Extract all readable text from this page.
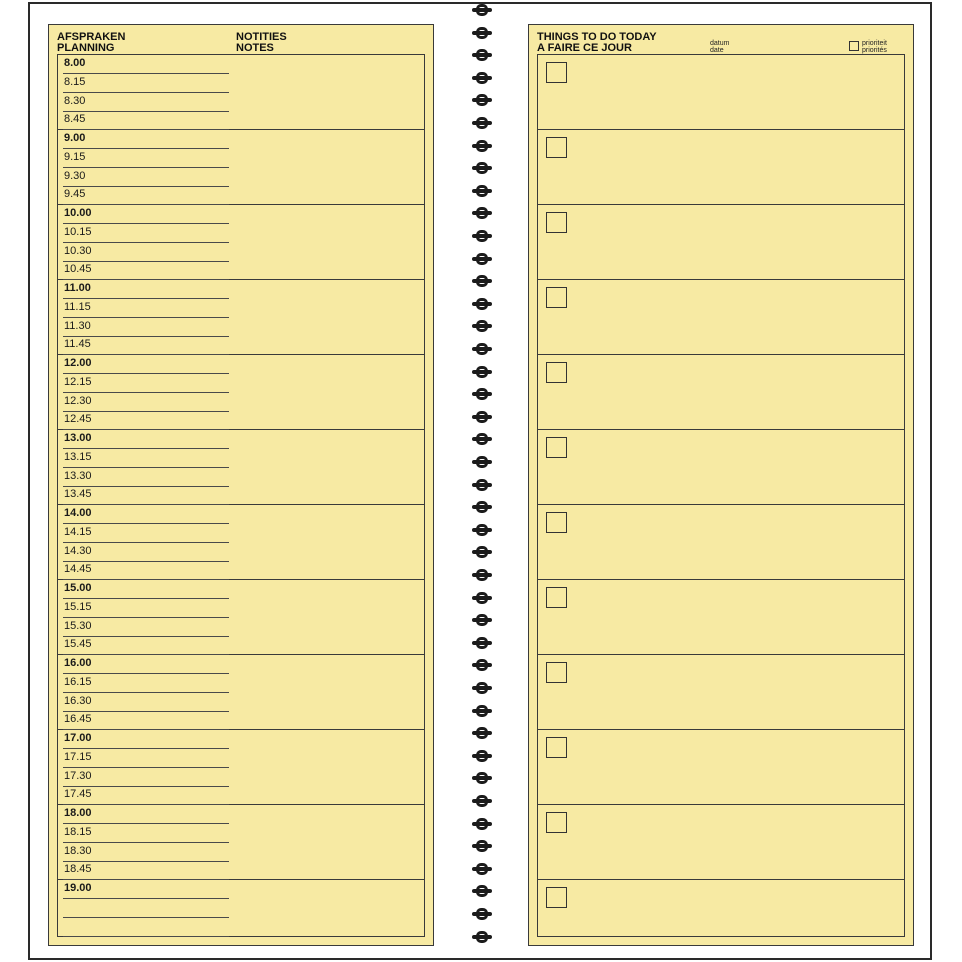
AFSPRAKEN
PLANNING
NOTITIES
NOTES
8.00
8.15
8.30
8.45
9.00
9.15
9.30
9.45
10.00
10.15
10.30
10.45
11.00
11.15
11.30
11.45
12.00
12.15
12.30
12.45
13.00
13.15
13.30
13.45
14.00
14.15
14.30
14.45
15.00
15.15
15.30
15.45
16.00
16.15
16.30
16.45
17.00
17.15
17.30
17.45
18.00
18.15
18.30
18.45
19.00
THINGS TO DO TODAY
A FAIRE CE JOUR	datum
date
prioriteit
priorités
